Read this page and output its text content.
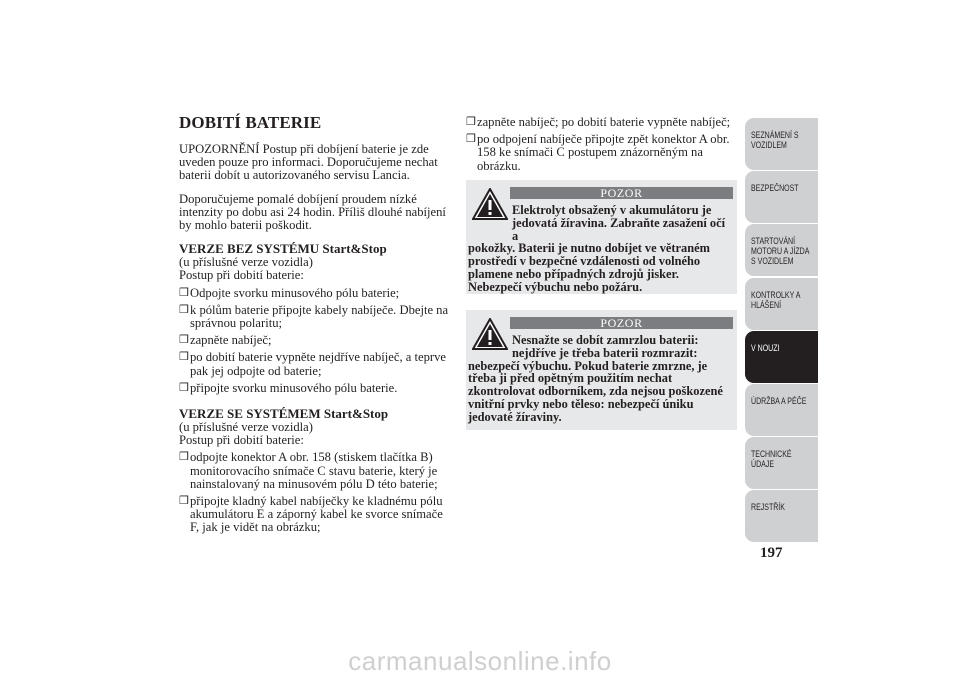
DOBITÍ BATERIE

UPOZORNĚNÍ Postup při dobíjení baterie je zde uveden pouze pro informaci. Doporučujeme nechat baterii dobít u autorizovaného servisu Lancia.

Doporučujeme pomalé dobíjení proudem nízké intenzity po dobu asi 24 hodin. Příliš dlouhé nabíjení by mohlo baterii poškodit.

VERZE BEZ SYSTÉMU Start&Stop

(u příslušné verze vozidla)

Postup při dobití baterie:

❒ Odpojte svorku minusového pólu baterie;
❒ k pólům baterie připojte kabely nabíječe. Dbejte na správnou polaritu;
❒ zapněte nabíječ;
❒ po dobití baterie vypněte nejdříve nabíječ, a teprve pak jej odpojte od baterie;
❒ připojte svorku minusového pólu baterie.

VERZE SE SYSTÉMEM Start&Stop

(u příslušné verze vozidla)

Postup při dobití baterie:

❒ odpojte konektor A obr. 158 (stiskem tlačítka B) monitorovacího snímače C stavu baterie, který je nainstalovaný na minusovém pólu D této baterie;
❒ připojte kladný kabel nabíječky ke kladnému pólu akumulátoru E a záporný kabel ke svorce snímače F, jak je vidět na obrázku;
❒ zapněte nabíječ; po dobití baterie vypněte nabíječ;
❒ po odpojení nabíječe připojte zpět konektor A obr. 158 ke snímači C postupem znázorněným na obrázku.
POZOR
Elektrolyt obsažený v akumulátoru je
jedovatá žíravina. Zabraňte zasažení očí a
pokožky. Baterii je nutno dobíjet ve větraném prostředí v bezpečné vzdálenosti od volného plamene nebo případných zdrojů jisker. Nebezpečí výbuchu nebo požáru.
POZOR
Nesnažte se dobít zamrzlou baterii:
nejdříve je třeba baterii rozmrazit:
nebezpečí výbuchu. Pokud baterie zmrzne, je třeba ji před opětným použitím nechat zkontrolovat odborníkem, zda nejsou poškozené vnitřní prvky nebo těleso: nebezpečí úniku jedovaté žíraviny.
SEZNÁMENÍ S
VOZIDLEM
BEZPEČNOST
STARTOVÁNÍ
MOTORU A JÍZDA
S VOZIDLEM
KONTROLKY A
HLÁŠENÍ
V NOUZI
ÚDRŽBA A PÉČE
TECHNICKÉ
ÚDAJE
REJSTŘÍK
197
carmanualsonline.info
